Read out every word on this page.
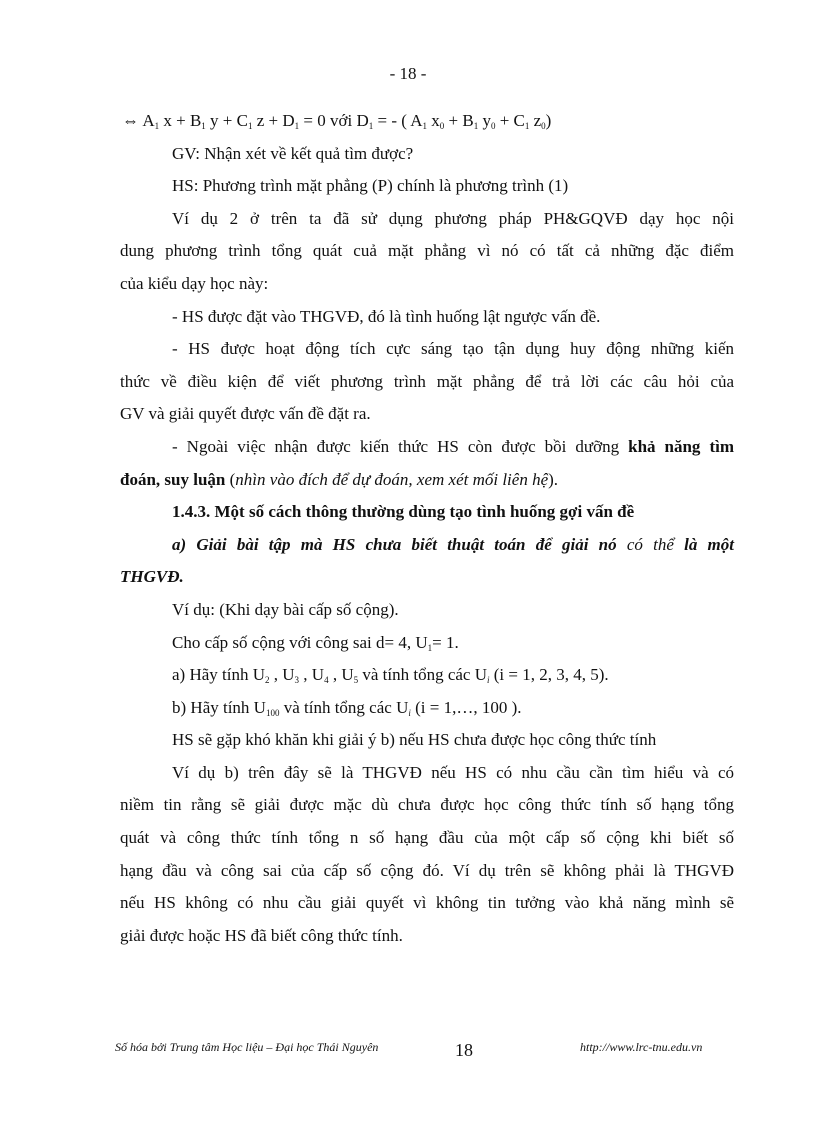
- 18 -
⇔ $A_1$ $x + B_1$ $y + C_1$ $z + D_1 = 0$ với $D_1$ = - ( $A_1$ $x_0 + B_1$ $y_0 + C_1$ $z_0$)
GV: Nhận xét về kết quả tìm được?
HS: Phương trình mặt phẳng (P) chính là phương trình (1)
Ví dụ 2 ở trên ta đã sử dụng phương pháp PH&GQVĐ dạy học nội
dung phương trình tổng quát cuả mặt phẳng vì nó có tất cả những đặc điểm
của kiểu dạy học này:
- HS được đặt vào THGVĐ, đó là tình huống lật ngược vấn đề.
- HS được hoạt động tích cực sáng tạo tận dụng huy động những kiến
thức về điều kiện để viết phương trình mặt phẳng để trả lời các câu hỏi của
GV và giải quyết được vấn đề đặt ra.
- Ngoài việc nhận được kiến thức HS còn được bồi dưỡng khả năng tìm
đoán, suy luận (nhìn vào đích để dự đoán, xem xét mối liên hệ).
1.4.3. Một số cách thông thường dùng tạo tình huống gợi vấn đề
a) Giải bài tập mà HS chưa biết thuật toán để giải nó có thể là một
THGVĐ.
Ví dụ: (Khi dạy bài cấp số cộng).
Cho cấp số cộng với công sai d= 4, $U_1= 1$.
a) Hãy tính $U_2$ , $U_3$ , $U_4$ , $U_5$ và tính tổng các $U_i$ (i = 1, 2, 3, 4, 5).
b) Hãy tính $U_{100}$ và tính tổng các $U_i$ (i = 1,…, 100 ).
HS sẽ gặp khó khăn khi giải ý b) nếu HS chưa được học công thức tính
Ví dụ b) trên đây sẽ là THGVĐ nếu HS có nhu cầu cần tìm hiểu và có
niềm tin rằng sẽ giải được mặc dù chưa được học công thức tính số hạng tổng
quát và công thức tính tổng n số hạng đầu của một cấp số cộng khi biết số
hạng đầu và công sai của cấp số cộng đó. Ví dụ trên sẽ không phải là THGVĐ
nếu HS không có nhu cầu giải quyết vì không tin tưởng vào khả năng mình sẽ
giải được hoặc HS đã biết công thức tính.
Số hóa bởi Trung tâm Học liệu – Đại học Thái Nguyên	18	http://www.lrc-tnu.edu.vn
